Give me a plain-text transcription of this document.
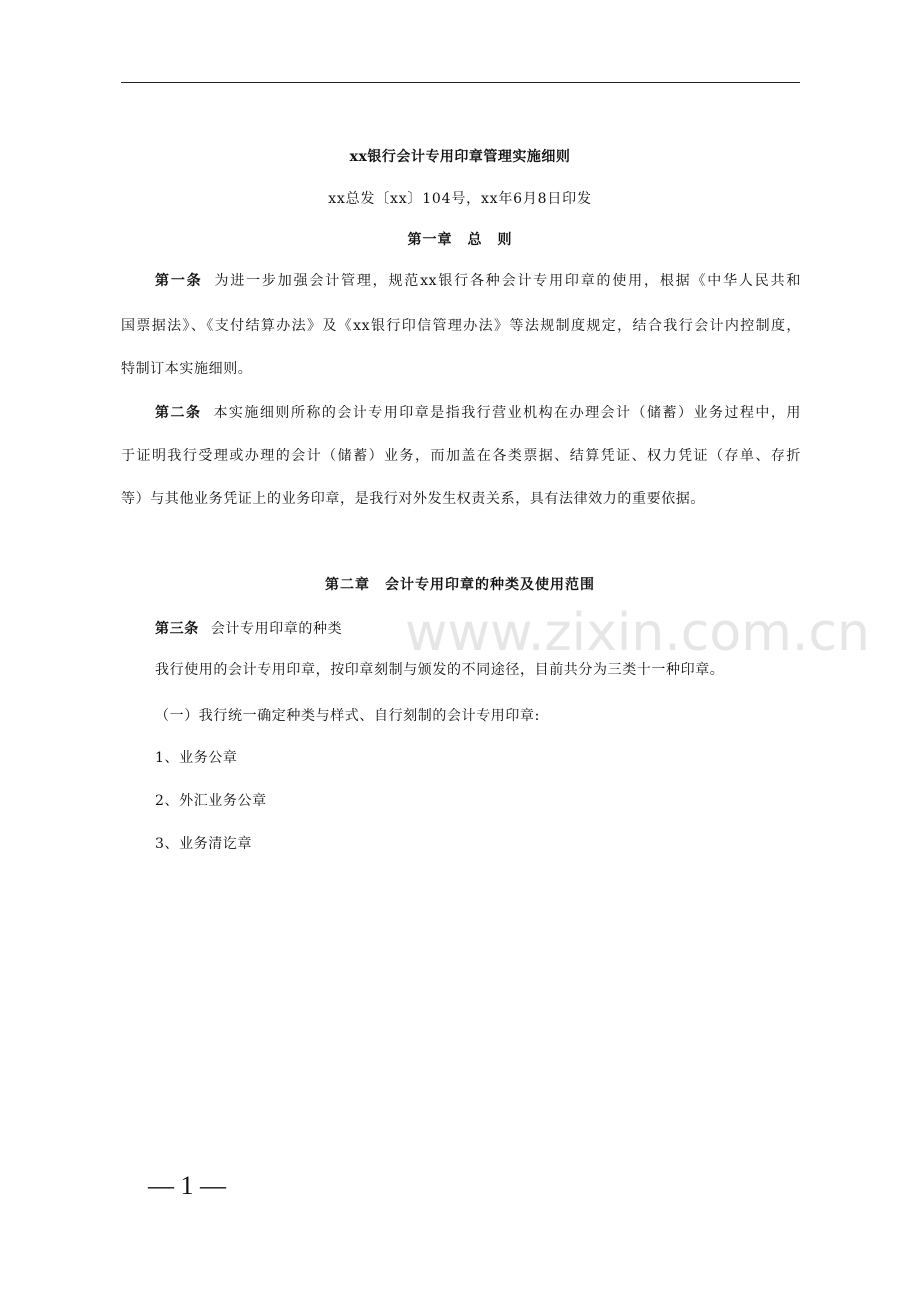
xx银行会计专用印章管理实施细则
xx总发〔xx〕104号，xx年6月8日印发
第一章　总　则
第一条 为进一步加强会计管理，规范xx银行各种会计专用印章的使用，根据《中华人民共和
国票据法》、《支付结算办法》及《xx银行印信管理办法》等法规制度规定，结合我行会计内控制度，
特制订本实施细则。
第二条 本实施细则所称的会计专用印章是指我行营业机构在办理会计（储蓄）业务过程中，用
于证明我行受理或办理的会计（储蓄）业务，而加盖在各类票据、结算凭证、权力凭证（存单、存折
等）与其他业务凭证上的业务印章，是我行对外发生权责关系，具有法律效力的重要依据。
第二章　会计专用印章的种类及使用范围
www.zixin.com.cn
第三条 会计专用印章的种类
我行使用的会计专用印章，按印章刻制与颁发的不同途径，目前共分为三类十一种印章。
（一）我行统一确定种类与样式、自行刻制的会计专用印章:
1、业务公章
2、外汇业务公章
3、业务清讫章
— 1 —
